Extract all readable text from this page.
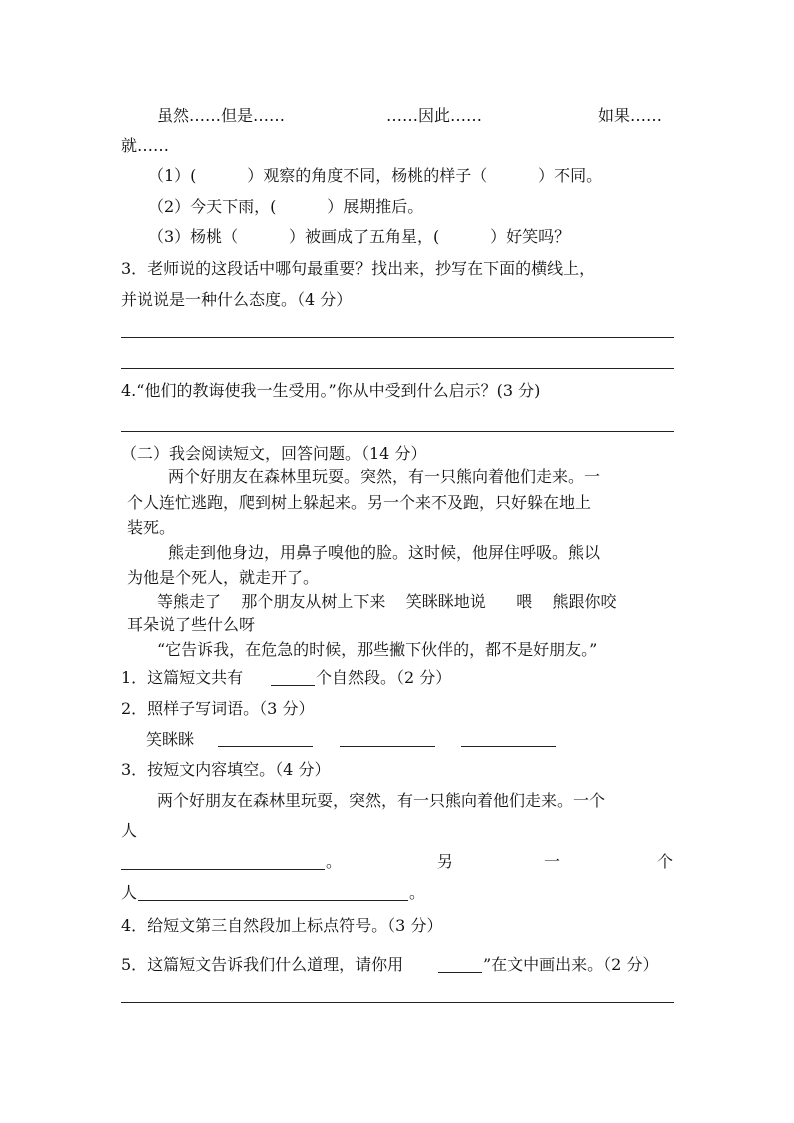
虽然……但是……	……因此……	如果……
就……
（1）(          ）观察的角度不同，杨桃的样子（          ）不同。
（2）今天下雨，(          ）展期推后。
（3）杨桃（          ）被画成了五角星，(          ）好笑吗？
3．老师说的这段话中哪句最重要？找出来，抄写在下面的横线上，
并说说是一种什么态度。（4 分）
4.“他们的教诲使我一生受用。”你从中受到什么启示？(3 分)
（二）我会阅读短文，回答问题。（14 分）
两个好朋友在森林里玩耍。突然，有一只熊向着他们走来。一
个人连忙逃跑，爬到树上躲起来。另一个来不及跑，只好躲在地上
装死。
熊走到他身边，用鼻子嗅他的脸。这时候，他屏住呼吸。熊以
为他是个死人，就走开了。
等熊走了    那个朋友从树上下来    笑眯眯地说      喂    熊跟你咬
耳朵说了些什么呀
“它告诉我，在危急的时候，那些撇下伙伴的，都不是好朋友。”
1．这篇短文共有	个自然段。（2 分）
2．照样子写词语。（3 分）
笑眯眯
3．按短文内容填空。（4 分）
两个好朋友在森林里玩耍，突然，有一只熊向着他们走来。一个
人
。	另	一	个
人	。
4．给短文第三自然段加上标点符号。（3 分）
5．这篇短文告诉我们什么道理，请你用	”在文中画出来。（2 分）
